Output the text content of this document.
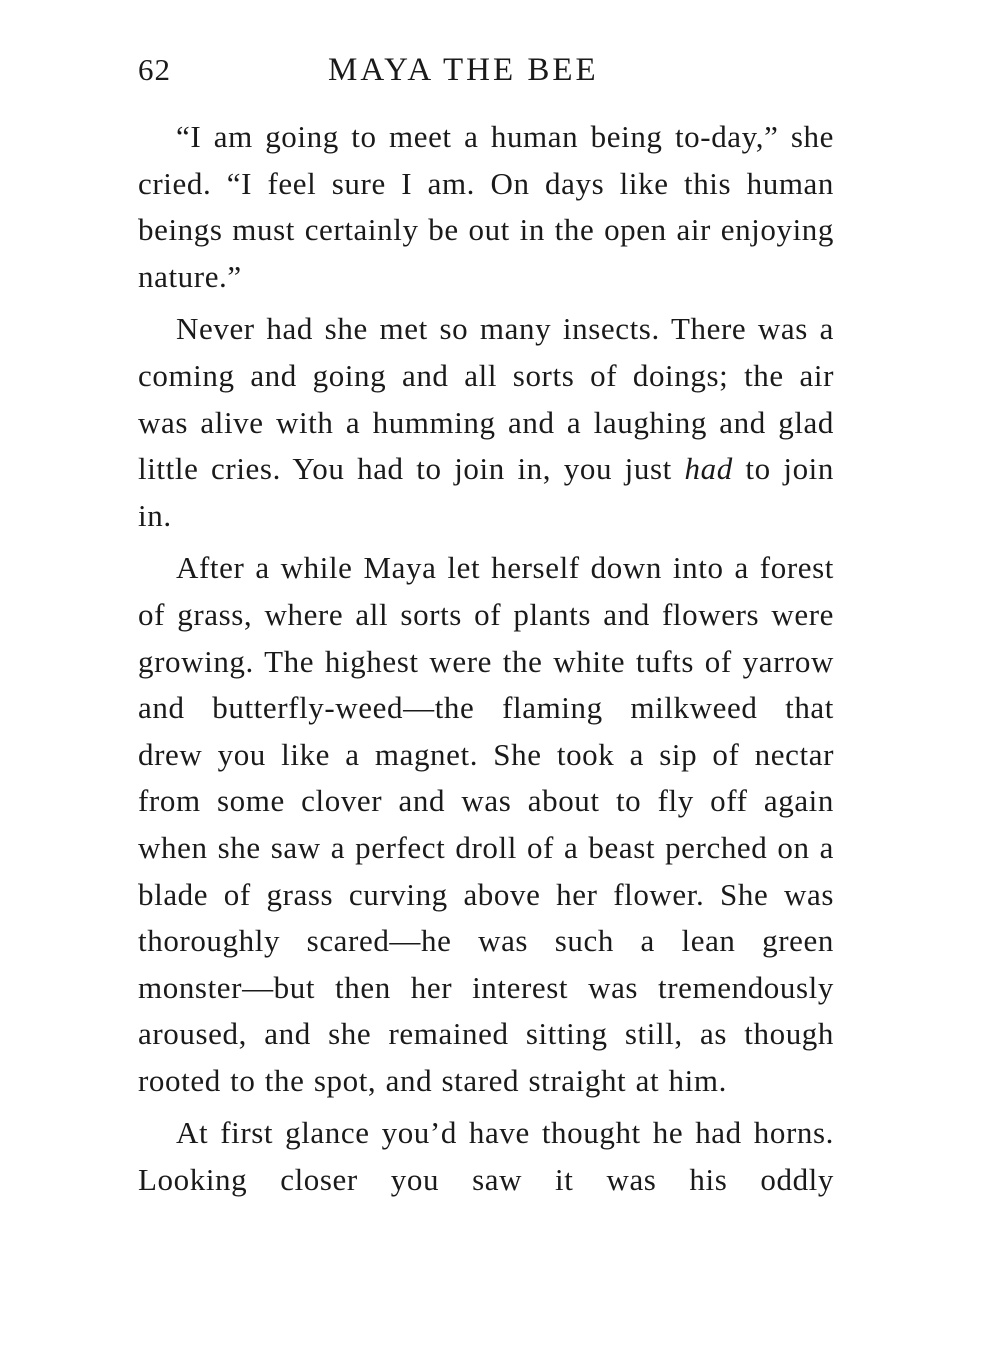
62	MAYA THE BEE

“I am going to meet a human being to-day,” she cried. “I feel sure I am. On days like this human beings must certainly be out in the open air enjoying nature.”

Never had she met so many insects. There was a coming and going and all sorts of doings; the air was alive with a humming and a laughing and glad little cries. You had to join in, you just had to join in.

After a while Maya let herself down into a forest of grass, where all sorts of plants and flowers were growing. The highest were the white tufts of yarrow and butterfly-weed—the flaming milkweed that drew you like a magnet. She took a sip of nectar from some clover and was about to fly off again when she saw a perfect droll of a beast perched on a blade of grass curving above her flower. She was thoroughly scared—he was such a lean green monster—but then her interest was tremendously aroused, and she remained sitting still, as though rooted to the spot, and stared straight at him.

At first glance you’d have thought he had horns. Looking closer you saw it was his oddly
